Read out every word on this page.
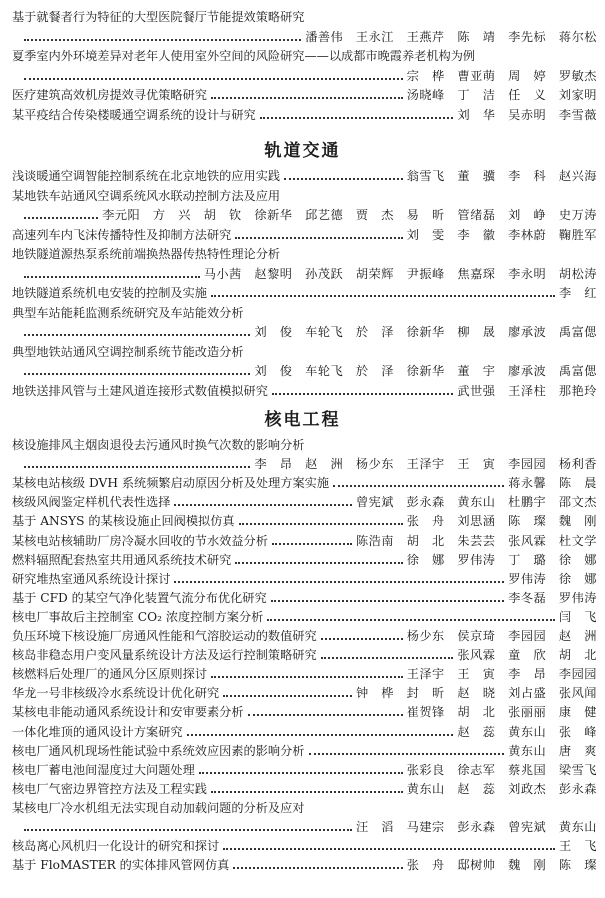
基于就餐者行为特征的大型医院餐厅节能提效策略研究
潘善伟　王永江　王燕芹　陈　靖　李先标　蒋尔松
夏季室内外环境差异对老年人使用室外空间的风险研究——以成都市晚霞养老机构为例
宗　桦　曹亚萌　周　婷　罗敏杰
医疗建筑高效机房提效寻优策略研究	汤晓峰　丁　洁　任　义　刘家明
某平疫结合传染楼暖通空调系统的设计与研究	刘　华　吴赤明　李雪薇
轨道交通
浅谈暖通空调智能控制系统在北京地铁的应用实践	翁雪飞　董　骥　李　科　赵兴海
某地铁车站通风空调系统风水联动控制方法及应用
李元阳　方　兴　胡　钦　徐新华　邱艺德　贾　杰　易　昕　管绪磊　刘　峥　史万涛
高速列车内飞沫传播特性及抑制方法研究	刘　雯　李　徽　李林蔚　鞠胜军
地铁隧道源热泵系统前端换热器传热特性理论分析
马小茜　赵黎明　孙茂跃　胡荣辉　尹振峰　焦嘉琛　李永明　胡松涛
地铁隧道系统机电安装的控制及实施	李　红
典型车站能耗监测系统研究及车站能效分析
刘　俊　车轮飞　於　泽　徐新华　柳　晟　廖承波　禹富偲
典型地铁站通风空调控制系统节能改造分析
刘　俊　车轮飞　於　泽　徐新华　董　宇　廖承波　禹富偲
地铁送排风管与土建风道连接形式数值模拟研究	武世强　王泽柱　那艳玲
核电工程
核设施排风主烟囱退役去污通风时换气次数的影响分析
李　昂　赵　洲　杨少东　王泽宇　王　寅　李园园　杨利香
某核电站核级 DVH 系统频繁启动原因分析及处理方案实施	蒋永馨　陈　晨
核级风阀鉴定样机代表性选择	曾宪斌　彭永森　黄东山　杜鹏宇　邵文杰
基于 ANSYS 的某核设施止回阀模拟仿真	张　舟　刘思涵　陈　璨　魏　刚
某核电站核辅助厂房冷凝水回收的节水效益分析	陈浩南　胡　北　朱芸芸　张风霖　杜文学
燃料辐照配套热室共用通风系统技术研究	徐　娜　罗伟涛　丁　璐　徐　娜
研究堆热室通风系统设计探讨	罗伟涛　徐　娜
基于 CFD 的某空气净化装置气流分布优化研究	李冬磊　罗伟涛
核电厂事故后主控制室 CO₂ 浓度控制方案分析	闫　飞
负压环境下核设施厂房通风性能和气溶胶运动的数值研究	杨少东　侯京琦　李园园　赵　洲
核岛非稳态用户变风量系统设计方法及运行控制策略研究	张风霖　童　欣　胡　北
核燃料后处理厂的通风分区原则探讨	王泽宇　王　寅　李　昂　李园园
华龙一号非核级冷水系统设计优化研究	钟　桦　封　昕　赵　晓　刘占盛　张风闻
某核电非能动通风系统设计和安审要素分析	崔贺锋　胡　北　张丽丽　康　健
一体化堆顶的通风设计方案研究	赵　蕊　黄东山　张　峰
核电厂通风机现场性能试验中系统效应因素的影响分析	黄东山　唐　爽
核电厂蓄电池间湿度过大问题处理	张彩良　徐志军　蔡兆国　梁雪飞
核电厂气密边界管控方法及工程实践	黄东山　赵　蕊　刘政杰　彭永森
某核电厂冷水机组无法实现自动加载问题的分析及应对
汪　滔　马建宗　彭永森　曾宪斌　黄东山
核岛离心风机归一化设计的研究和探讨	王　飞
基于 FloMASTER 的实体排风管网仿真	张　舟　邸树帅　魏　刚　陈　璨
